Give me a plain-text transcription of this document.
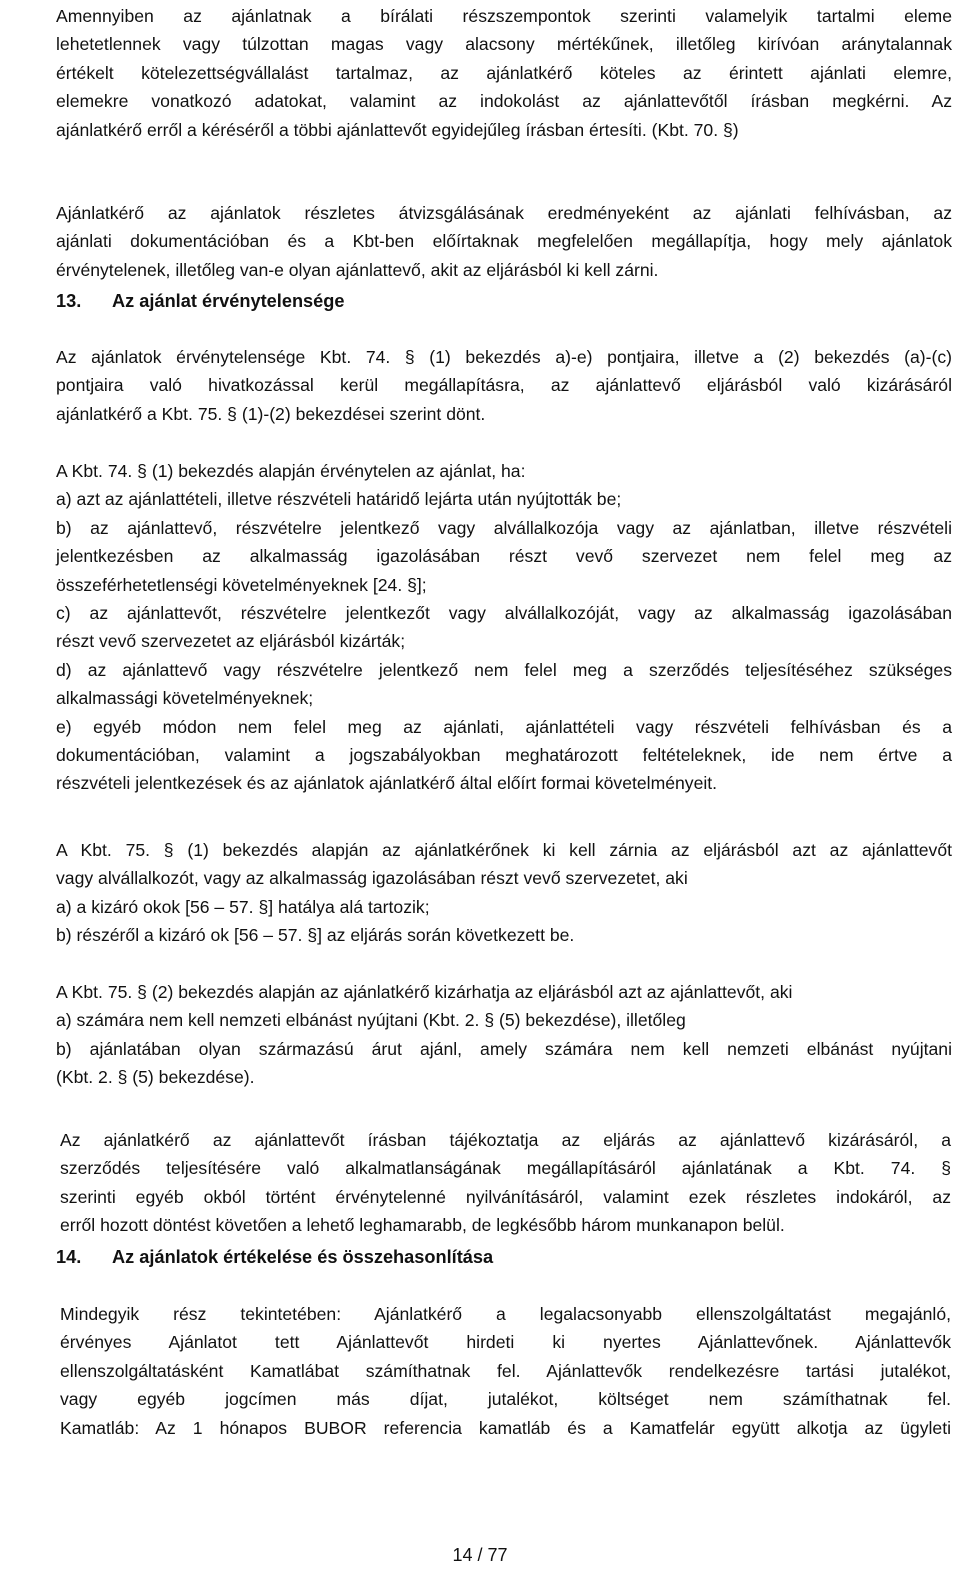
Amennyiben az ajánlatnak a bírálati részszempontok szerinti valamelyik tartalmi eleme
lehetetlennek vagy túlzottan magas vagy alacsony mértékűnek, illetőleg kirívóan aránytalannak
értékelt kötelezettségvállalást tartalmaz, az ajánlatkérő köteles az érintett ajánlati elemre,
elemekre vonatkozó adatokat, valamint az indokolást az ajánlattevőtől írásban megkérni. Az
ajánlatkérő erről a kéréséről a többi ajánlattevőt egyidejűleg írásban értesíti. (Kbt. 70. §)
Ajánlatkérő az ajánlatok részletes átvizsgálásának eredményeként az ajánlati felhívásban, az
ajánlati dokumentációban és a Kbt-ben előírtaknak megfelelően megállapítja, hogy mely ajánlatok
érvénytelenek, illetőleg van-e olyan ajánlattevő, akit az eljárásból ki kell zárni.
13. Az ajánlat érvénytelensége
Az ajánlatok érvénytelensége Kbt. 74. § (1) bekezdés a)-e) pontjaira, illetve a (2) bekezdés (a)-(c)
pontjaira való hivatkozással kerül megállapításra, az ajánlattevő eljárásból való kizárásáról
ajánlatkérő a Kbt. 75. § (1)-(2) bekezdései szerint dönt.
A Kbt. 74. § (1) bekezdés alapján érvénytelen az ajánlat, ha:
a) azt az ajánlattételi, illetve részvételi határidő lejárta után nyújtották be;
b) az ajánlattevő, részvételre jelentkező vagy alvállalkozója vagy az ajánlatban, illetve részvételi
jelentkezésben az alkalmasság igazolásában részt vevő szervezet nem felel meg az
összeférhetetlenségi követelményeknek [24. §];
c) az ajánlattevőt, részvételre jelentkezőt vagy alvállalkozóját, vagy az alkalmasság igazolásában
részt vevő szervezetet az eljárásból kizárták;
d) az ajánlattevő vagy részvételre jelentkező nem felel meg a szerződés teljesítéséhez szükséges
alkalmassági követelményeknek;
e) egyéb módon nem felel meg az ajánlati, ajánlattételi vagy részvételi felhívásban és a
dokumentációban, valamint a jogszabályokban meghatározott feltételeknek, ide nem értve a
részvételi jelentkezések és az ajánlatok ajánlatkérő által előírt formai követelményeit.
A Kbt. 75. § (1) bekezdés alapján az ajánlatkérőnek ki kell zárnia az eljárásból azt az ajánlattevőt
vagy alvállalkozót, vagy az alkalmasság igazolásában részt vevő szervezetet, aki
a) a kizáró okok [56 – 57. §] hatálya alá tartozik;
b) részéről a kizáró ok [56 – 57. §] az eljárás során következett be.
A Kbt. 75. § (2) bekezdés alapján az ajánlatkérő kizárhatja az eljárásból azt az ajánlattevőt, aki
a) számára nem kell nemzeti elbánást nyújtani (Kbt. 2. § (5) bekezdése), illetőleg
b) ajánlatában olyan származású árut ajánl, amely számára nem kell nemzeti elbánást nyújtani
(Kbt. 2. § (5) bekezdése).
Az ajánlatkérő az ajánlattevőt írásban tájékoztatja az eljárás az ajánlattevő kizárásáról, a
szerződés teljesítésére való alkalmatlanságának megállapításáról ajánlatának a Kbt. 74. §
szerinti egyéb okból történt érvénytelenné nyilvánításáról, valamint ezek részletes indokáról, az
erről hozott döntést követően a lehető leghamarabb, de legkésőbb három munkanapon belül.
14. Az ajánlatok értékelése és összehasonlítása
Mindegyik rész tekintetében: Ajánlatkérő a legalacsonyabb ellenszolgáltatást megajánló,
érvényes Ajánlatot tett Ajánlattevőt hirdeti ki nyertes Ajánlattevőnek. Ajánlattevők
ellenszolgáltatásként Kamatlábat számíthatnak fel. Ajánlattevők rendelkezésre tartási jutalékot,
vagy egyéb jogcímen más díjat, jutalékot, költséget nem számíthatnak fel.
Kamatláb: Az 1 hónapos BUBOR referencia kamatláb és a Kamatfelár együtt alkotja az ügyleti
14 / 77
